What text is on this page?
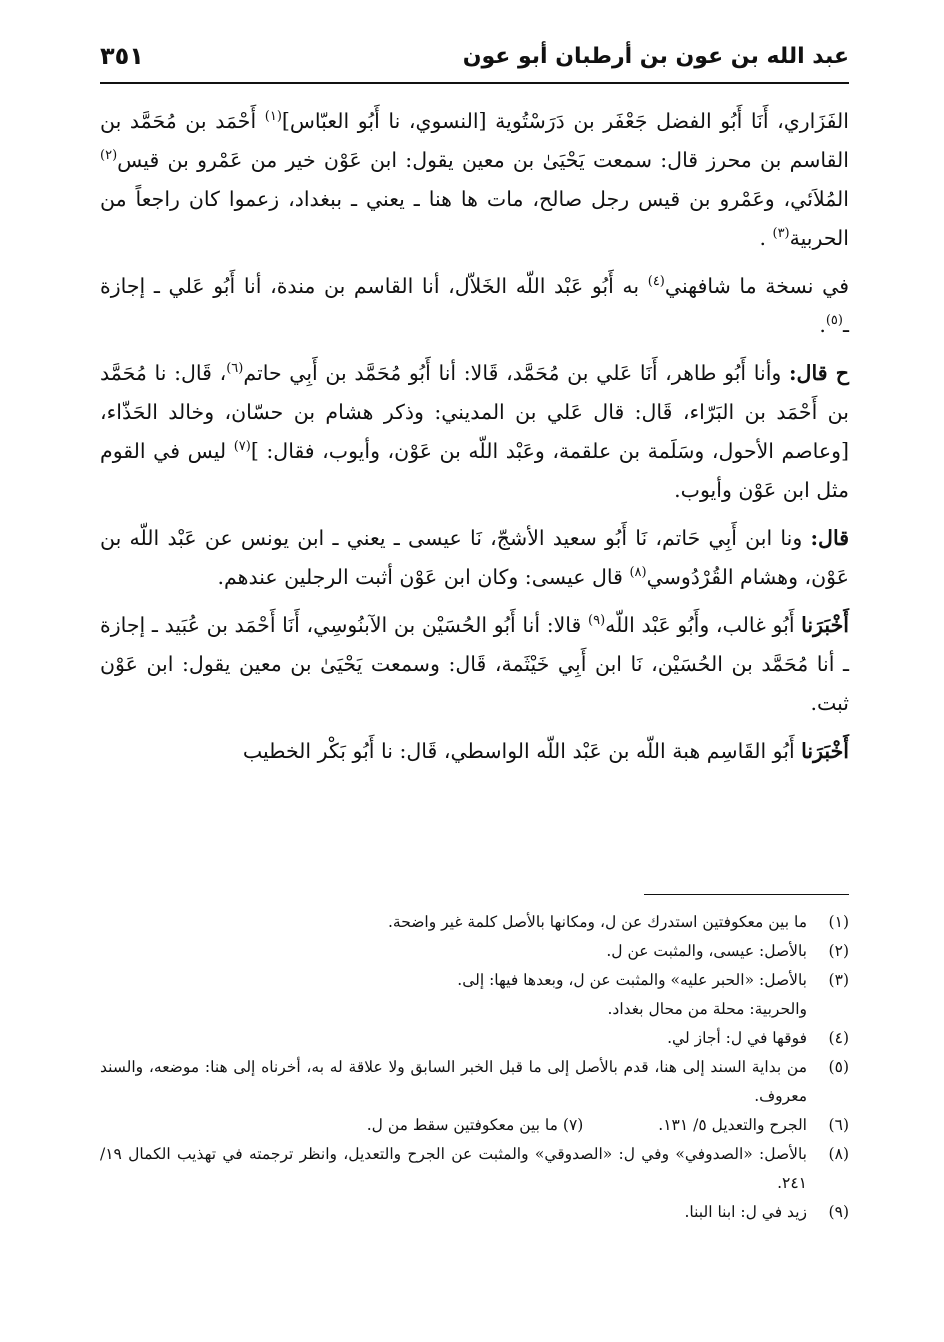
عبد الله بن عون بن أرطبان أبو عون
٣٥١

الفَزَاري، أَنَا أَبُو الفضل جَعْفَر بن دَرَسْتُوية [النسوي، نا أَبُو العبّاس]$^{(١)}$ أَحْمَد بن مُحَمَّد بن القاسم بن محرز قال: سمعت يَحْيَىٰ بن معين يقول: ابن عَوْن خير من عَمْرو بن قيس$^{(٢)}$ المُلاَئي، وعَمْرو بن قيس رجل صالح، مات ها هنا ـ يعني ـ ببغداد، زعموا كان راجعاً من الحربية$^{(٣)}$ .

في نسخة ما شافهني$^{(٤)}$ به أَبُو عَبْد اللّه الخَلاّل، أنا القاسم بن مندة، أنا أَبُو عَلي ـ إجازة ـ$^{(٥)}$.

ح قال: وأنا أَبُو طاهر، أَنَا عَلي بن مُحَمَّد، قَالا: أنا أَبُو مُحَمَّد بن أَبِي حاتم$^{(٦)}$، قَال: نا مُحَمَّد بن أَحْمَد بن البَرّاء، قَال: قال عَلي بن المديني: وذكر هشام بن حسّان، وخالد الحَذّاء، [وعاصم الأحول، وسَلَمة بن علقمة، وعَبْد اللّه بن عَوْن، وأيوب، فقال: ]$^{(٧)}$ ليس في القوم مثل ابن عَوْن وأيوب.

قال: ونا ابن أَبِي حَاتم، نَا أَبُو سعيد الأشجّ، نَا عيسى ـ يعني ـ ابن يونس عن عَبْد اللّه بن عَوْن، وهشام القُرْدُوسي$^{(٨)}$ قال عيسى: وكان ابن عَوْن أثبت الرجلين عندهم.

أَخْبَرَنا أَبُو غالب، وأَبُو عَبْد اللّه$^{(٩)}$ قالا: أنا أَبُو الحُسَيْن بن الآبنُوسِي، أَنَا أَحْمَد بن عُبَيد ـ إجازة ـ أنا مُحَمَّد بن الحُسَيْن، نَا ابن أَبِي خَيْثَمة، قَال: وسمعت يَحْيَىٰ بن معين يقول: ابن عَوْن ثبت.

أَخْبَرَنا أَبُو القَاسِم هبة اللّه بن عَبْد اللّه الواسطي، قَال: نا أَبُو بَكْر الخطيب

(١)
ما بين معكوفتين استدرك عن ل، ومكانها بالأصل كلمة غير واضحة.
(٢)
بالأصل: عيسى، والمثبت عن ل.
(٣)
بالأصل: «الحبر عليه» والمثبت عن ل، وبعدها فيها: إلى.
والحربية: محلة من محال بغداد.
(٤)
فوقها في ل: أجاز لي.
(٥)
من بداية السند إلى هنا، قدم بالأصل إلى ما قبل الخبر السابق ولا علاقة له به، أخرناه إلى هنا: موضعه، والسند معروف.
(٦)
الجرح والتعديل ٥/ ١٣١. (٧) ما بين معكوفتين سقط من ل.
(٨)
بالأصل: «الصدوفي» وفي ل: «الصدوقي» والمثبت عن الجرح والتعديل، وانظر ترجمته في تهذيب الكمال ١٩/ ٢٤١.
(٩)
زيد في ل: ابنا البنا.
